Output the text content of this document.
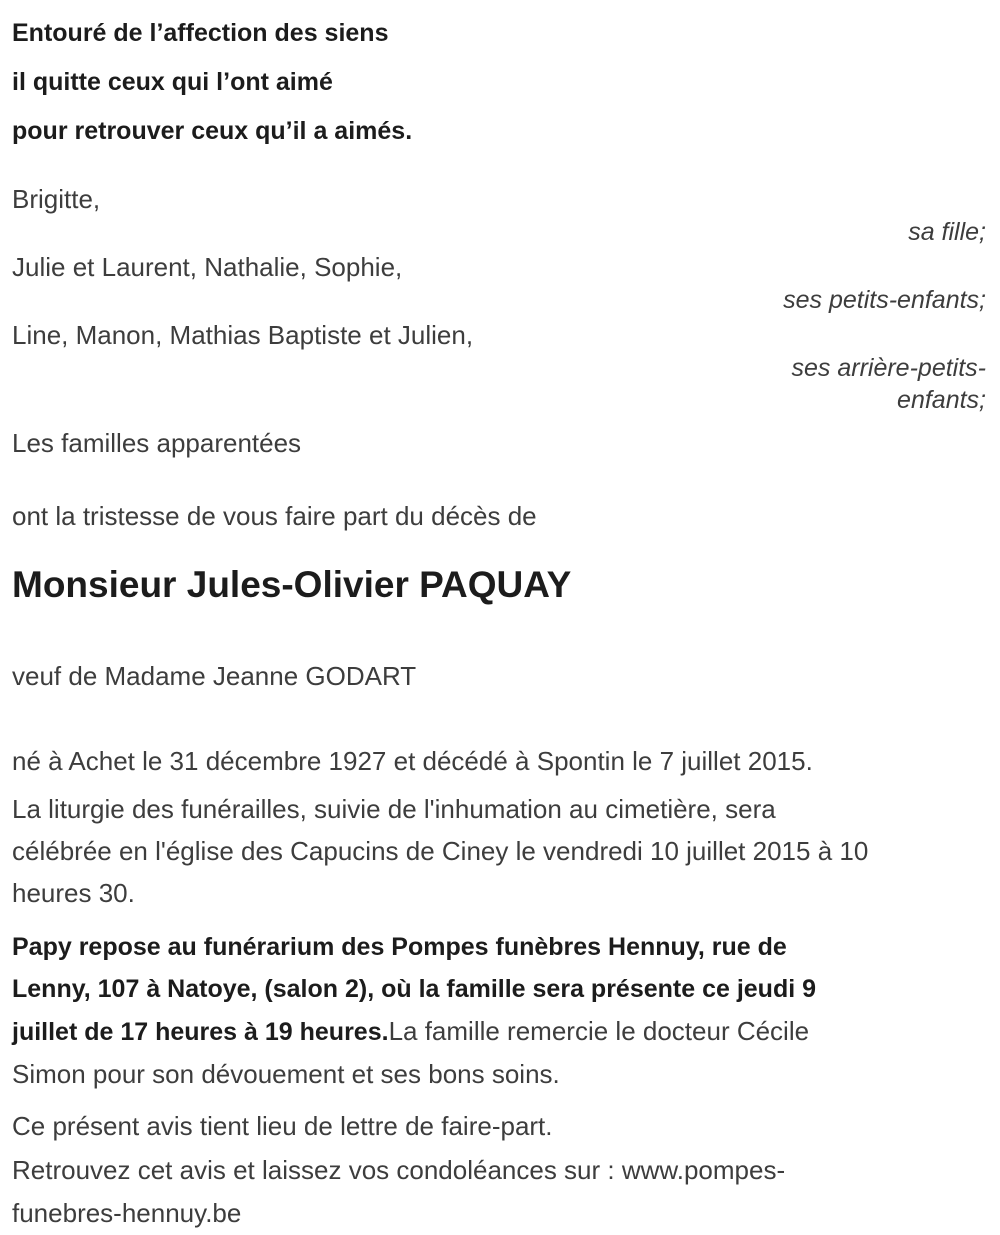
Entouré de l’affection des siens
il quitte ceux qui l’ont aimé
pour retrouver ceux qu’il a aimés.
Brigitte,
sa fille;
Julie et Laurent, Nathalie, Sophie,
ses petits-enfants;
Line, Manon, Mathias Baptiste et Julien,
ses arrière-petits-
enfants;
Les familles apparentées
ont la tristesse de vous faire part du décès de
Monsieur Jules-Olivier PAQUAY
veuf de Madame Jeanne GODART
né à Achet le 31 décembre 1927 et décédé à Spontin le 7 juillet 2015.
La liturgie des funérailles, suivie de l'inhumation au cimetière, sera
célébrée en l'église des Capucins de Ciney le vendredi 10 juillet 2015 à 10
heures 30.
Papy repose au funérarium des Pompes funèbres Hennuy, rue de
Lenny, 107 à Natoye, (salon 2), où la famille sera présente ce jeudi 9
juillet de 17 heures à 19 heures.La famille remercie le docteur Cécile
Simon pour son dévouement et ses bons soins.
Ce présent avis tient lieu de lettre de faire-part.
Retrouvez cet avis et laissez vos condoléances sur : www.pompes-
funebres-hennuy.be
